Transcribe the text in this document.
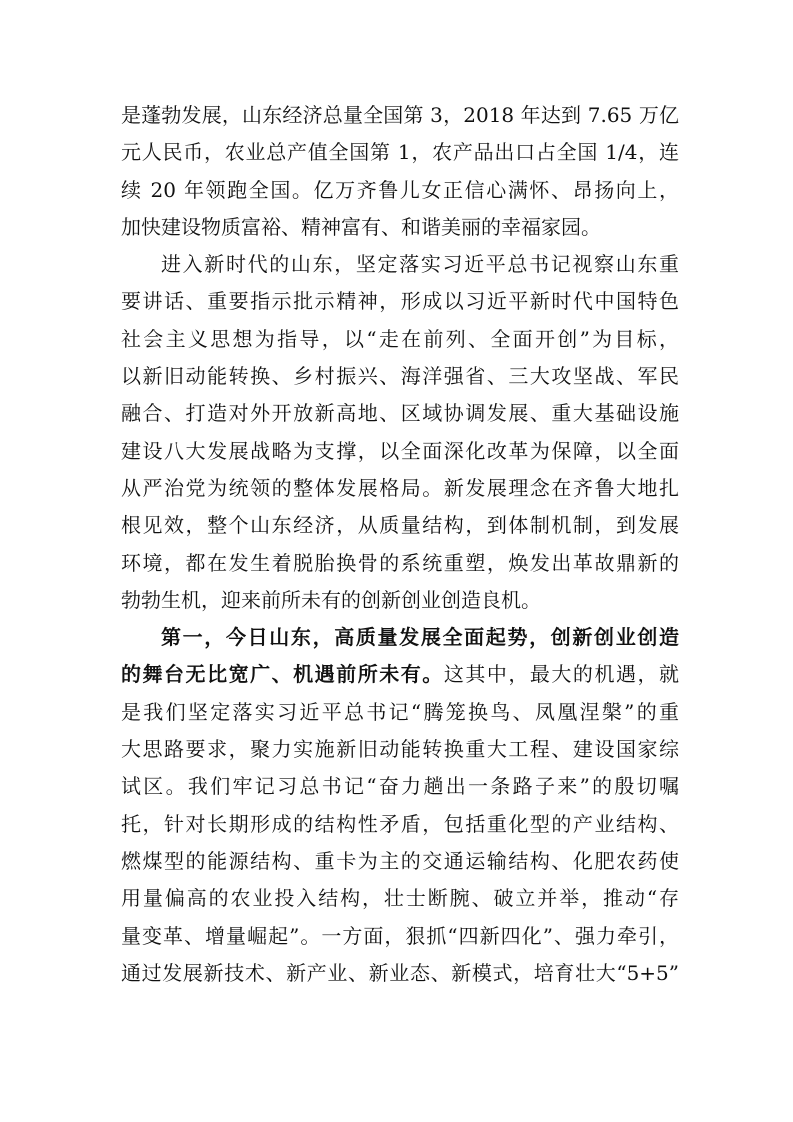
是蓬勃发展，山东经济总量全国第 3，2018 年达到 7.65 万亿
元人民币，农业总产值全国第 1，农产品出口占全国 1/4，连
续 20 年领跑全国。亿万齐鲁儿女正信心满怀、昂扬向上，
加快建设物质富裕、精神富有、和谐美丽的幸福家园。
进入新时代的山东，坚定落实习近平总书记视察山东重
要讲话、重要指示批示精神，形成以习近平新时代中国特色
社会主义思想为指导，以“走在前列、全面开创”为目标，
以新旧动能转换、乡村振兴、海洋强省、三大攻坚战、军民
融合、打造对外开放新高地、区域协调发展、重大基础设施
建设八大发展战略为支撑，以全面深化改革为保障，以全面
从严治党为统领的整体发展格局。新发展理念在齐鲁大地扎
根见效，整个山东经济，从质量结构，到体制机制，到发展
环境，都在发生着脱胎换骨的系统重塑，焕发出革故鼎新的
勃勃生机，迎来前所未有的创新创业创造良机。
第一，今日山东，高质量发展全面起势，创新创业创造
的舞台无比宽广、机遇前所未有。这其中，最大的机遇，就
是我们坚定落实习近平总书记“腾笼换鸟、凤凰涅槃”的重
大思路要求，聚力实施新旧动能转换重大工程、建设国家综
试区。我们牢记习总书记“奋力趟出一条路子来”的殷切嘱
托，针对长期形成的结构性矛盾，包括重化型的产业结构、
燃煤型的能源结构、重卡为主的交通运输结构、化肥农药使
用量偏高的农业投入结构，壮士断腕、破立并举，推动“存
量变革、增量崛起”。一方面，狠抓“四新四化”、强力牵引，
通过发展新技术、新产业、新业态、新模式，培育壮大“5+5”
